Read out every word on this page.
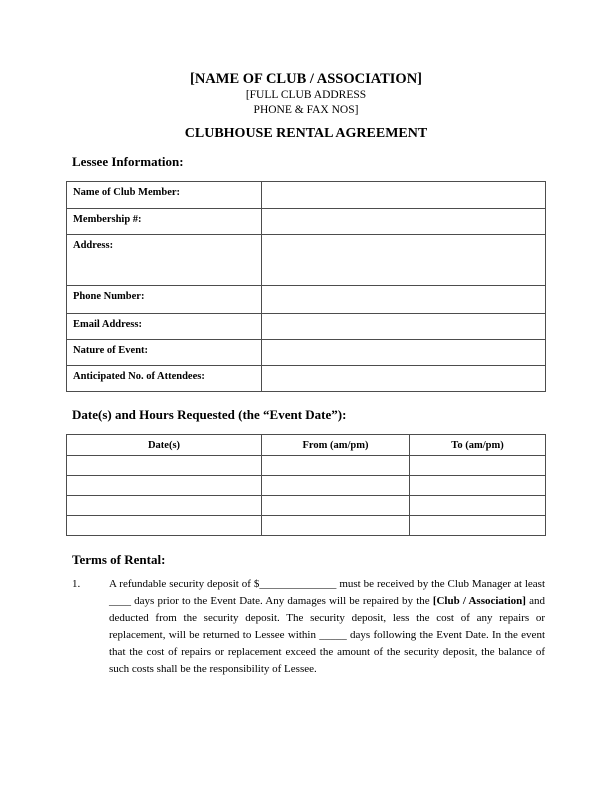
[NAME OF CLUB / ASSOCIATION]
[FULL CLUB ADDRESS
PHONE & FAX NOS]
CLUBHOUSE RENTAL AGREEMENT
Lessee Information:
Name of Club Member:	
Membership #:	
Address:	
Phone Number:	
Email Address:	
Nature of Event:	
Anticipated No. of Attendees:	
Date(s) and Hours Requested (the “Event Date”):
Date(s)	From (am/pm)	To (am/pm)

Terms of Rental:
1.	A refundable security deposit of $______________ must be received by the Club Manager at least ____ days prior to the Event Date. Any damages will be repaired by the [Club / Association] and deducted from the security deposit. The security deposit, less the cost of any repairs or replacement, will be returned to Lessee within _____ days following the Event Date. In the event that the cost of repairs or replacement exceed the amount of the security deposit, the balance of such costs shall be the responsibility of Lessee.
